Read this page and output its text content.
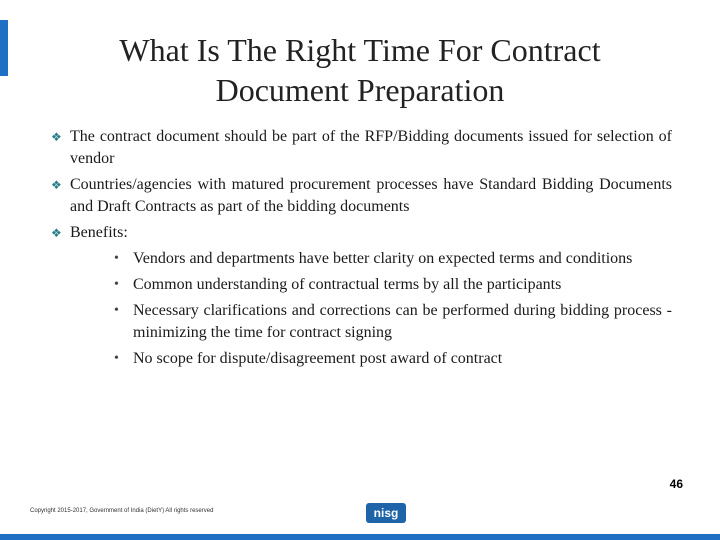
What Is The Right Time For Contract Document Preparation
❖ The contract document should be part of the RFP/Bidding documents issued for selection of vendor
❖ Countries/agencies with matured procurement processes have Standard Bidding Documents and Draft Contracts as part of the bidding documents
❖ Benefits:
• Vendors and departments have better clarity on expected terms and conditions
• Common understanding of contractual terms by all the participants
• Necessary clarifications and corrections can be performed during bidding process - minimizing the time for contract signing
• No scope for dispute/disagreement post award of contract
Copyright 2015-2017, Government of India (DietY) All rights reserved	nisg
46
